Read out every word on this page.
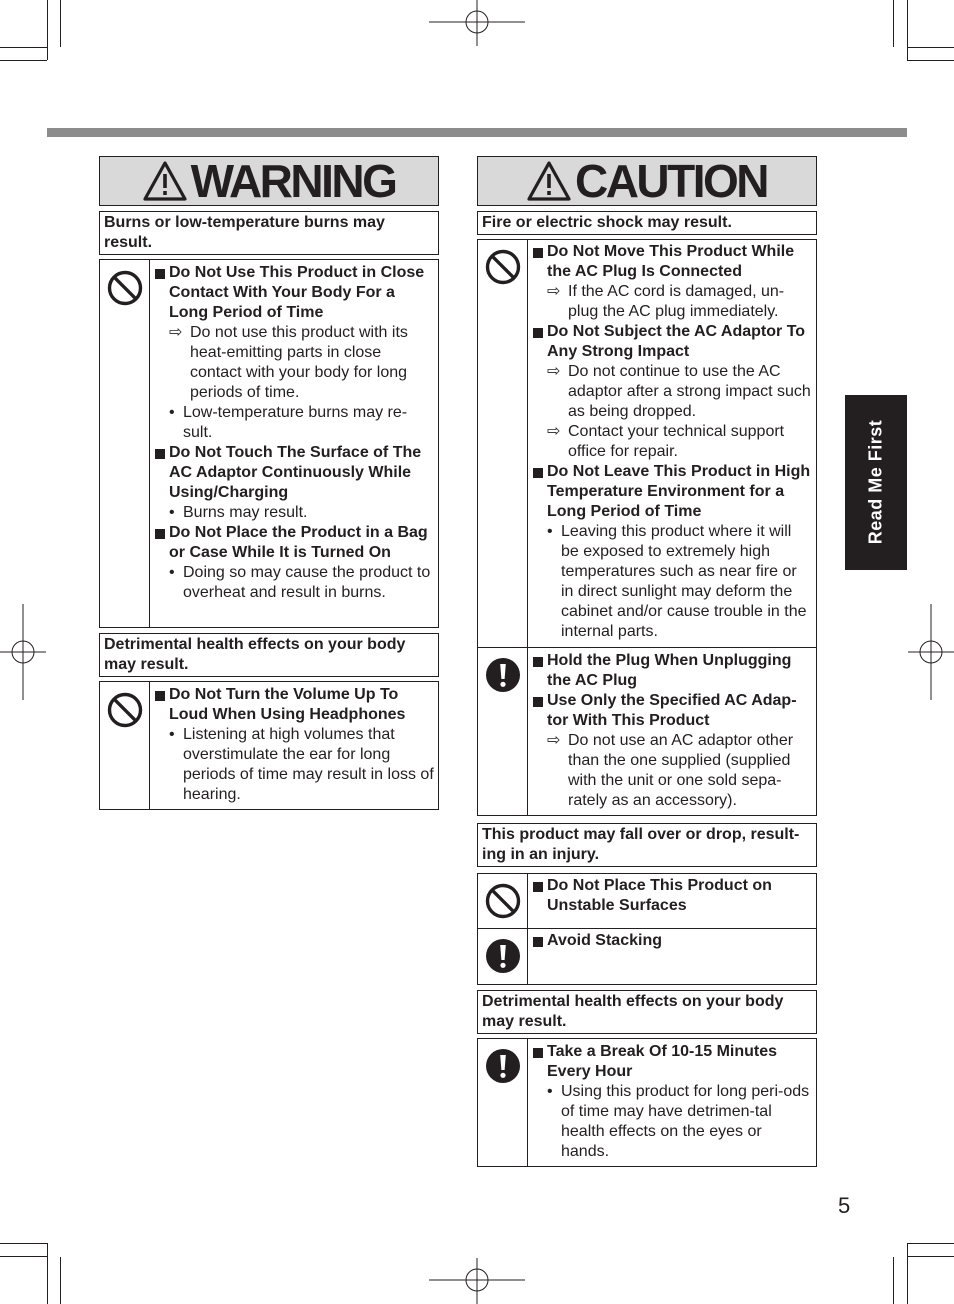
WARNING	CAUTION
Burns or low-temperature burns may result.
Do Not Use This Product in Close Contact With Your Body For a Long Period of Time
⇨ Do not use this product with its heat-emitting parts in close contact with your body for long periods of time.
• Low-temperature burns may re-sult.
Do Not Touch The Surface of The AC Adaptor Continuously While Using/Charging
• Burns may result.
Do Not Place the Product in a Bag or Case While It is Turned On
• Doing so may cause the product to overheat and result in burns.
Detrimental health effects on your body may result.
Do Not Turn the Volume Up To Loud When Using Headphones
• Listening at high volumes that overstimulate the ear for long periods of time may result in loss of hearing.
Fire or electric shock may result.
Do Not Move This Product While the AC Plug Is Connected
⇨ If the AC cord is damaged, un-plug the AC plug immediately.
Do Not Subject the AC Adaptor To Any Strong Impact
⇨ Do not continue to use the AC adaptor after a strong impact such as being dropped.
⇨ Contact your technical support office for repair.
Do Not Leave This Product in High Temperature Environment for a Long Period of Time
• Leaving this product where it will be exposed to extremely high temperatures such as near fire or in direct sunlight may deform the cabinet and/or cause trouble in the internal parts.
Hold the Plug When Unplugging the AC Plug
Use Only the Specified AC Adap-tor With This Product
⇨ Do not use an AC adaptor other than the one supplied (supplied with the unit or one sold sepa-rately as an accessory).
This product may fall over or drop, result-ing in an injury.
Do Not Place This Product on Unstable Surfaces
Avoid Stacking
Detrimental health effects on your body may result.
Take a Break Of 10-15 Minutes Every Hour
• Using this product for long peri-ods of time may have detrimen-tal health effects on the eyes or hands.
Read Me First
5
